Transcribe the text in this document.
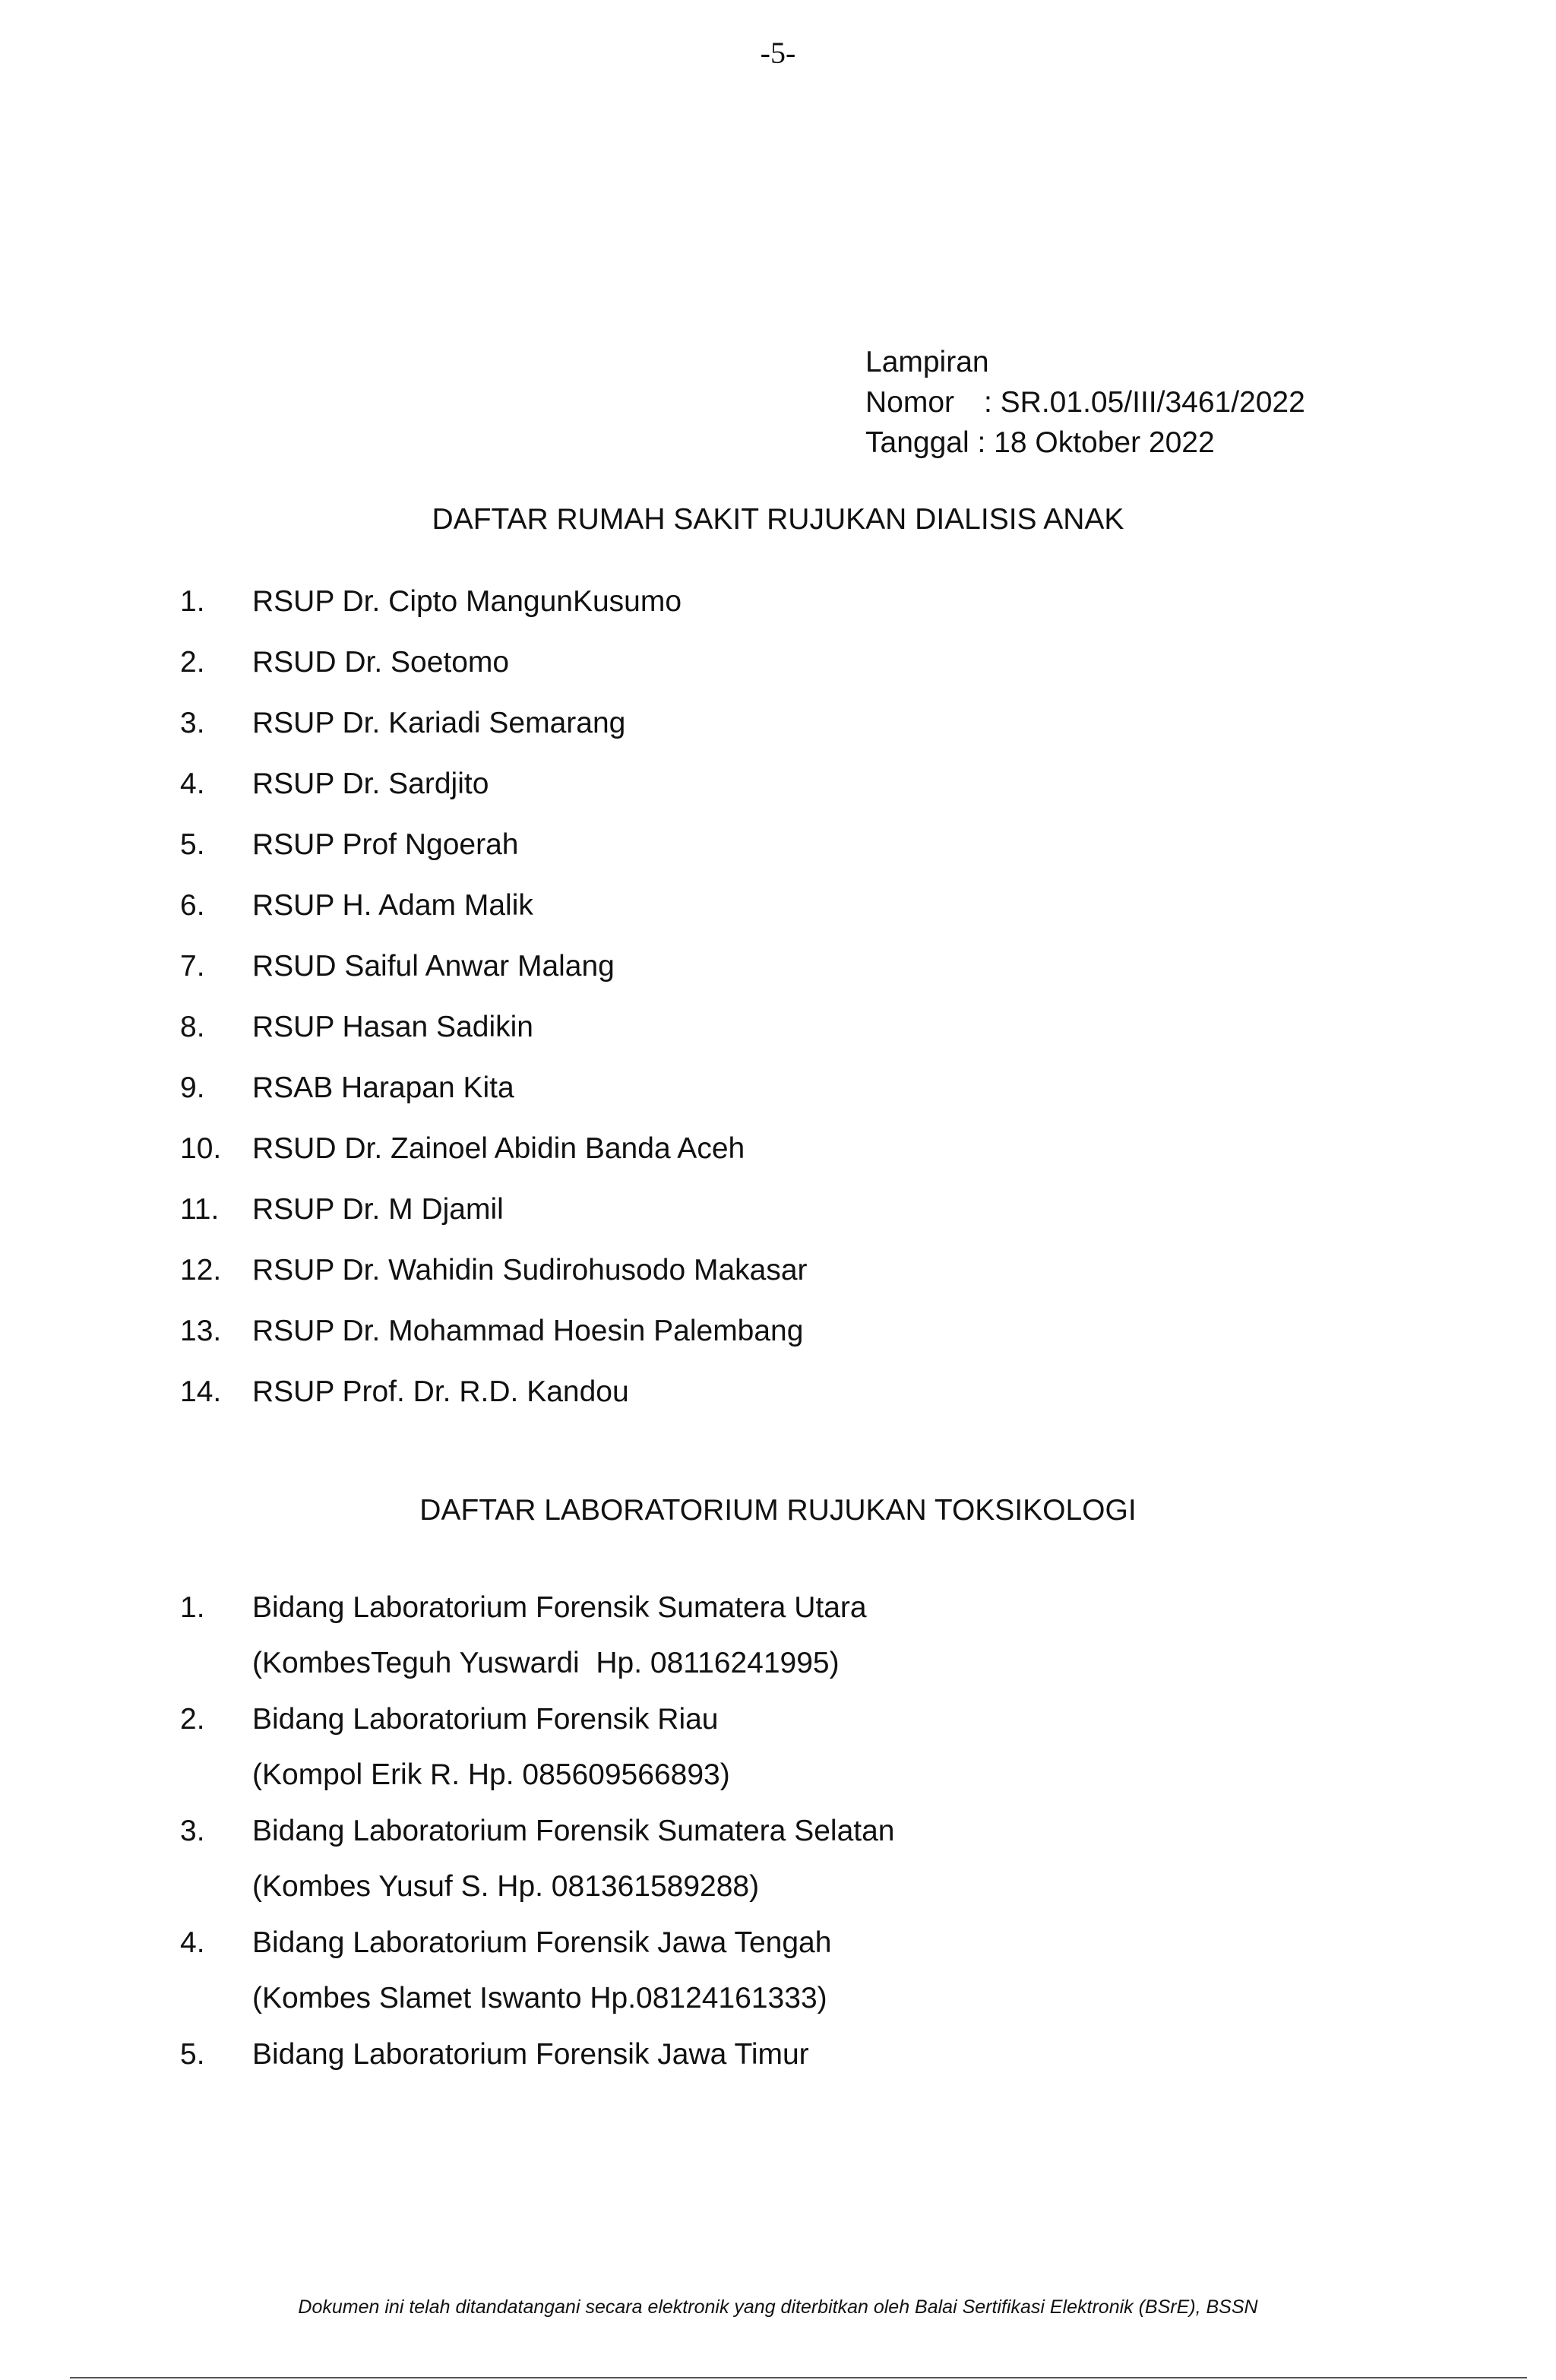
-5-
Lampiran
Nomor : SR.01.05/III/3461/2022
Tanggal : 18 Oktober 2022
DAFTAR RUMAH SAKIT RUJUKAN DIALISIS ANAK
1. RSUP Dr. Cipto MangunKusumo
2. RSUD Dr. Soetomo
3. RSUP Dr. Kariadi Semarang
4. RSUP Dr. Sardjito
5. RSUP Prof Ngoerah
6. RSUP H. Adam Malik
7. RSUD Saiful Anwar Malang
8. RSUP Hasan Sadikin
9. RSAB Harapan Kita
10. RSUD Dr. Zainoel Abidin Banda Aceh
11. RSUP Dr. M Djamil
12. RSUP Dr. Wahidin Sudirohusodo Makasar
13. RSUP Dr. Mohammad Hoesin Palembang
14. RSUP Prof. Dr. R.D. Kandou
DAFTAR LABORATORIUM RUJUKAN TOKSIKOLOGI
1. Bidang Laboratorium Forensik Sumatera Utara
(KombesTeguh Yuswardi  Hp. 08116241995)
2. Bidang Laboratorium Forensik Riau
(Kompol Erik R. Hp. 085609566893)
3. Bidang Laboratorium Forensik Sumatera Selatan
(Kombes Yusuf S. Hp. 081361589288)
4. Bidang Laboratorium Forensik Jawa Tengah
(Kombes Slamet Iswanto Hp.08124161333)
5. Bidang Laboratorium Forensik Jawa Timur
Dokumen ini telah ditandatangani secara elektronik yang diterbitkan oleh Balai Sertifikasi Elektronik (BSrE), BSSN
